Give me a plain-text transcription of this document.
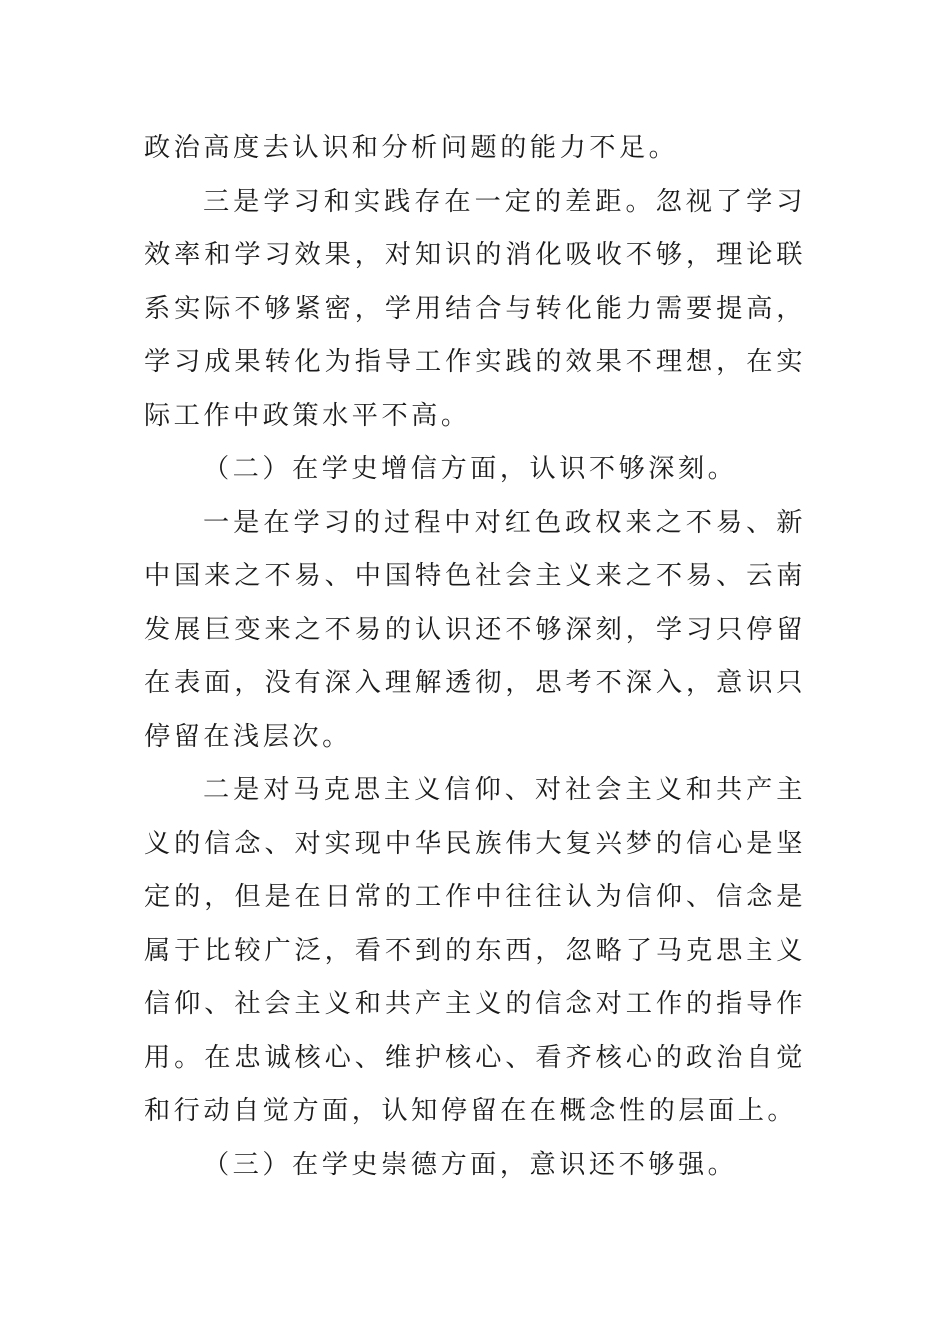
政治高度去认识和分析问题的能力不足。

三是学习和实践存在一定的差距。忽视了学习效率和学习效果，对知识的消化吸收不够，理论联系实际不够紧密，学用结合与转化能力需要提高，学习成果转化为指导工作实践的效果不理想，在实际工作中政策水平不高。

（二）在学史增信方面，认识不够深刻。

一是在学习的过程中对红色政权来之不易、新中国来之不易、中国特色社会主义来之不易、云南发展巨变来之不易的认识还不够深刻，学习只停留在表面，没有深入理解透彻，思考不深入，意识只停留在浅层次。

二是对马克思主义信仰、对社会主义和共产主义的信念、对实现中华民族伟大复兴梦的信心是坚定的，但是在日常的工作中往往认为信仰、信念是属于比较广泛，看不到的东西，忽略了马克思主义信仰、社会主义和共产主义的信念对工作的指导作用。在忠诚核心、维护核心、看齐核心的政治自觉和行动自觉方面，认知停留在在概念性的层面上。

（三）在学史崇德方面，意识还不够强。
